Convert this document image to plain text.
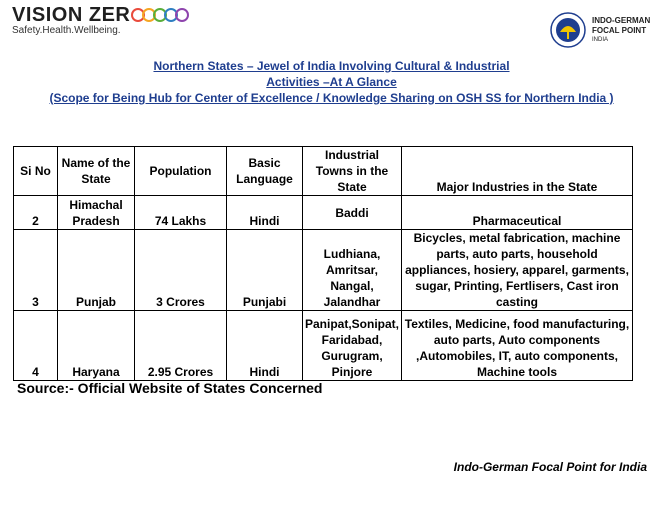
VISION ZER
Safety.Health.Wellbeing.
INDO-GERMAN
FOCAL POINT
INDIA
Northern States – Jewel of India Involving Cultural & Industrial
Activities –At A Glance
(Scope for Being Hub for Center of Excellence / Knowledge Sharing on OSH SS for Northern India )
Si No	Name of the State	Population	Basic Language	Industrial Towns in the State	Major Industries in the State
2	Himachal Pradesh	74 Lakhs	Hindi	Baddi	Pharmaceutical
3	Punjab	3 Crores	Punjabi	Ludhiana, Amritsar, Nangal, Jalandhar	Bicycles, metal fabrication, machine parts, auto parts, household appliances, hosiery, apparel, garments, sugar, Printing, Fertlisers, Cast iron casting
4	Haryana	2.95 Crores	Hindi	Panipat,Sonipat, Faridabad, Gurugram, Pinjore	Textiles, Medicine, food manufacturing, auto parts, Auto components ,Automobiles, IT, auto components, Machine tools
Source:- Official Website of States Concerned
Indo-German Focal Point for India
